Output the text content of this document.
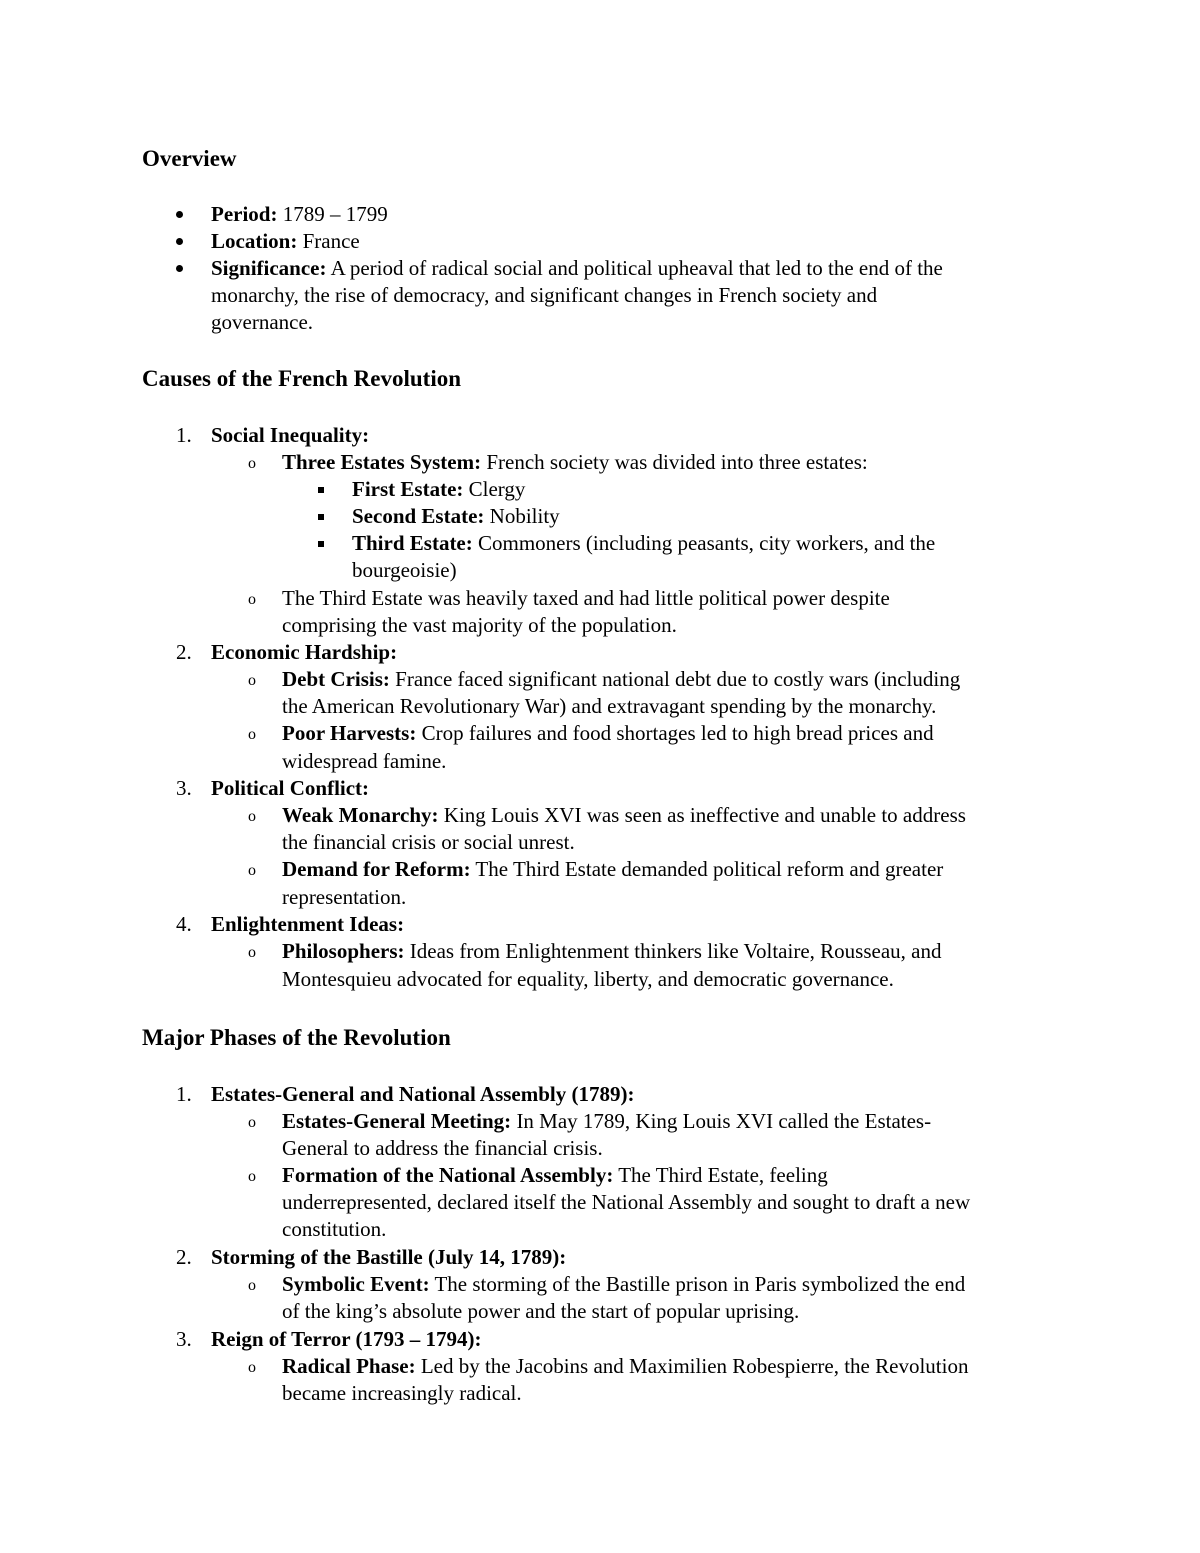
Overview
Period: 1789 – 1799
Location: France
Significance: A period of radical social and political upheaval that led to the end of the
monarchy, the rise of democracy, and significant changes in French society and
governance.
Causes of the French Revolution
1. Social Inequality:
o Three Estates System: French society was divided into three estates:
First Estate: Clergy
Second Estate: Nobility
Third Estate: Commoners (including peasants, city workers, and the
bourgeoisie)
o The Third Estate was heavily taxed and had little political power despite
comprising the vast majority of the population.
2. Economic Hardship:
o Debt Crisis: France faced significant national debt due to costly wars (including
the American Revolutionary War) and extravagant spending by the monarchy.
o Poor Harvests: Crop failures and food shortages led to high bread prices and
widespread famine.
3. Political Conflict:
o Weak Monarchy: King Louis XVI was seen as ineffective and unable to address
the financial crisis or social unrest.
o Demand for Reform: The Third Estate demanded political reform and greater
representation.
4. Enlightenment Ideas:
o Philosophers: Ideas from Enlightenment thinkers like Voltaire, Rousseau, and
Montesquieu advocated for equality, liberty, and democratic governance.
Major Phases of the Revolution
1. Estates-General and National Assembly (1789):
o Estates-General Meeting: In May 1789, King Louis XVI called the Estates-
General to address the financial crisis.
o Formation of the National Assembly: The Third Estate, feeling
underrepresented, declared itself the National Assembly and sought to draft a new
constitution.
2. Storming of the Bastille (July 14, 1789):
o Symbolic Event: The storming of the Bastille prison in Paris symbolized the end
of the king’s absolute power and the start of popular uprising.
3. Reign of Terror (1793 – 1794):
o Radical Phase: Led by the Jacobins and Maximilien Robespierre, the Revolution
became increasingly radical.
